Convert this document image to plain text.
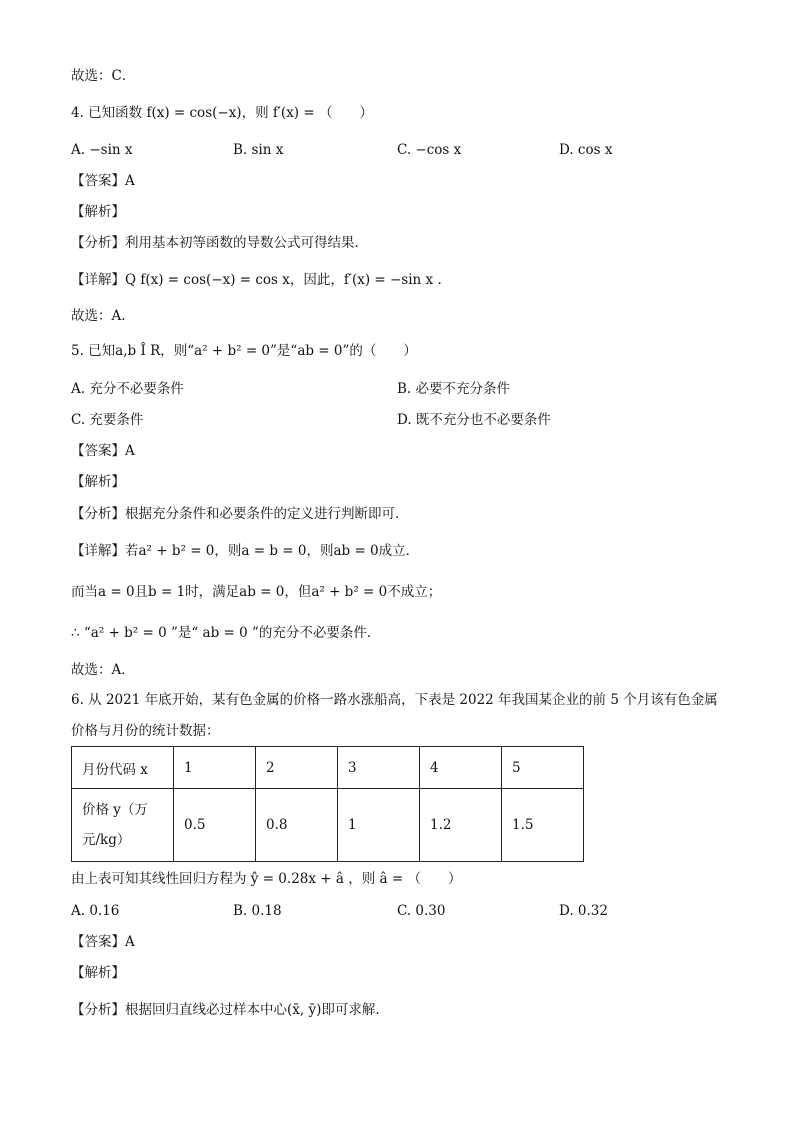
故选：C．
4. 已知函数 f(x) = cos(−x)，则 f′(x) = （　　）
A. −sin x	B. sin x	C. −cos x	D. cos x
【答案】A
【解析】
【分析】利用基本初等函数的导数公式可得结果.
【详解】Q f(x) = cos(−x) = cos x，因此，f′(x) = −sin x .
故选：A.
5. 已知a,b Î R，则“a² + b² = 0”是“ab = 0”的（　　）
A. 充分不必要条件	B. 必要不充分条件
C. 充要条件	D. 既不充分也不必要条件
【答案】A
【解析】
【分析】根据充分条件和必要条件的定义进行判断即可．
【详解】若a² + b² = 0，则a = b = 0，则ab = 0成立．
而当a = 0且b = 1时，满足ab = 0，但a² + b² = 0不成立；
∴ “a² + b² = 0 ”是“ ab = 0 ”的充分不必要条件．
故选：A．
6. 从 2021 年底开始，某有色金属的价格一路水涨船高，下表是 2022 年我国某企业的前 5 个月该有色金属
价格与月份的统计数据：
月份代码 x	1	2	3	4	5

价格 y（万
元/kg）	0.5	0.8	1	1.2	1.5
由上表可知其线性回归方程为 ŷ = 0.28x + â ，则 â = （　　）
A. 0.16	B. 0.18	C. 0.30	D. 0.32
【答案】A
【解析】
【分析】根据回归直线必过样本中心(x̄, ȳ)即可求解.
